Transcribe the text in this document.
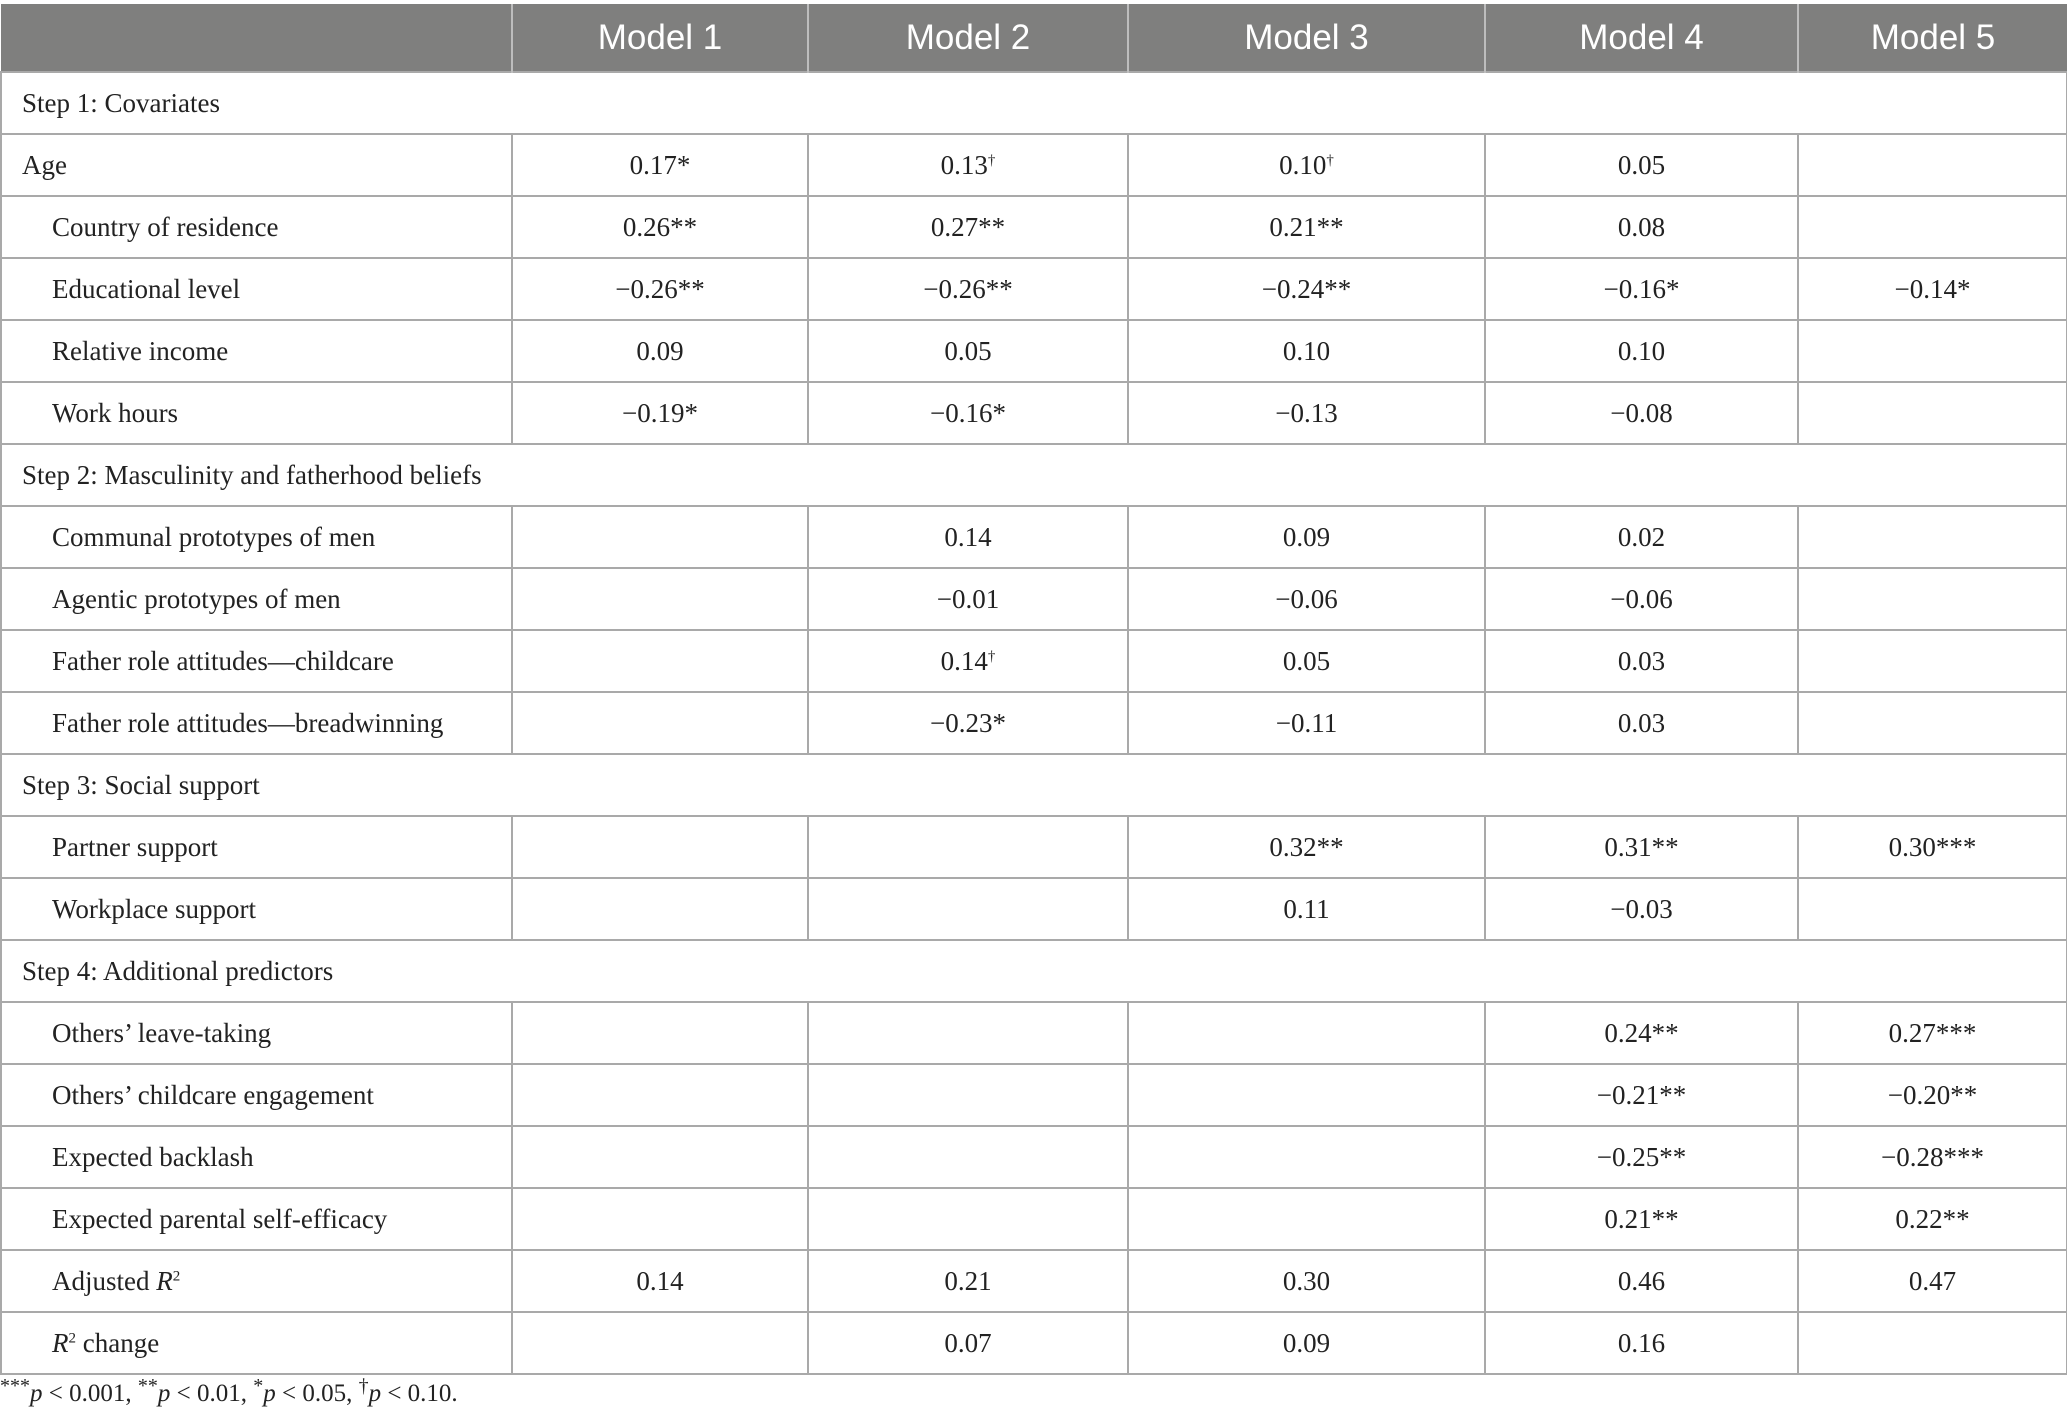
	Model 1	Model 2	Model 3	Model 4	Model 5
Step 1: Covariates					
Age	0.17*	0.13†	0.10†	0.05	
Country of residence	0.26**	0.27**	0.21**	0.08	
Educational level	−0.26**	−0.26**	−0.24**	−0.16*	−0.14*
Relative income	0.09	0.05	0.10	0.10	
Work hours	−0.19*	−0.16*	−0.13	−0.08	
Step 2: Masculinity and fatherhood beliefs					
Communal prototypes of men		0.14	0.09	0.02	
Agentic prototypes of men		−0.01	−0.06	−0.06	
Father role attitudes—childcare		0.14†	0.05	0.03	
Father role attitudes—breadwinning		−0.23*	−0.11	0.03	
Step 3: Social support					
Partner support			0.32**	0.31**	0.30***
Workplace support			0.11	−0.03	
Step 4: Additional predictors					
Others’ leave-taking				0.24**	0.27***
Others’ childcare engagement				−0.21**	−0.20**
Expected backlash				−0.25**	−0.28***
Expected parental self-efficacy				0.21**	0.22**
Adjusted $R^2$	0.14	0.21	0.30	0.46	0.47
$R^2$ change		0.07	0.09	0.16	
***p < 0.001, **p < 0.01, *p < 0.05, †p < 0.10.
